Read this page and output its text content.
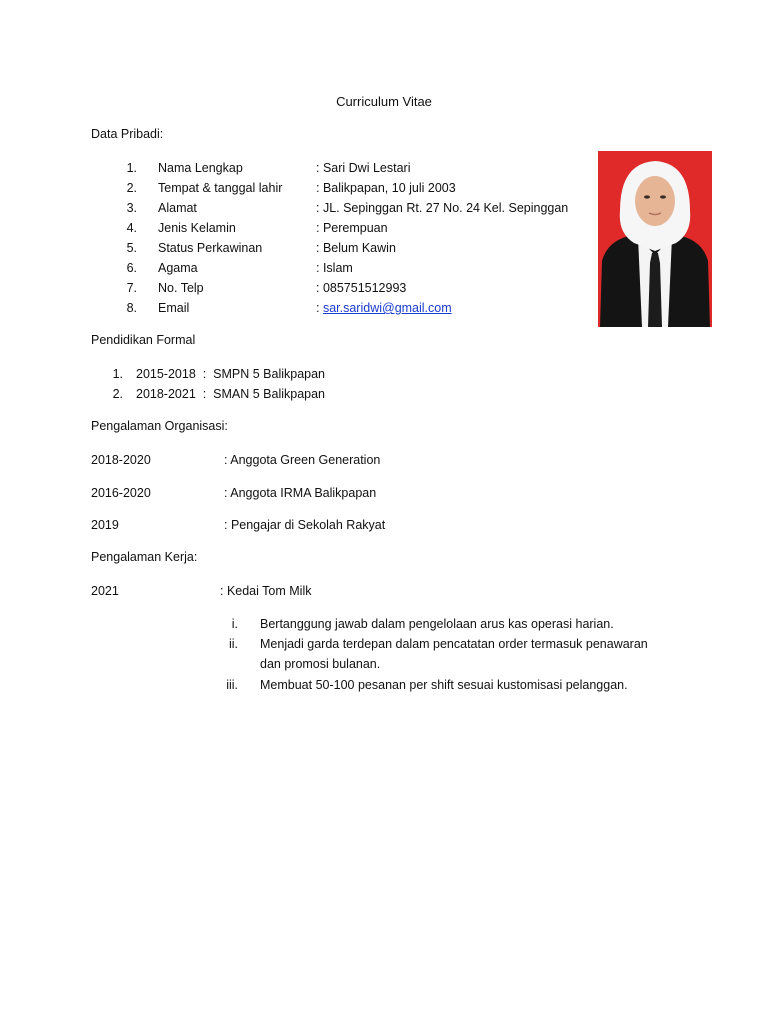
Curriculum Vitae
Data Pribadi:
1. Nama Lengkap	: Sari Dwi Lestari
2. Tempat & tanggal lahir	: Balikpapan, 10 juli 2003
3. Alamat	: JL. Sepinggan Rt. 27 No. 24 Kel. Sepinggan
4. Jenis Kelamin	: Perempuan
5. Status Perkawinan	: Belum Kawin
6. Agama	: Islam
7. No. Telp	: 085751512993
8. Email	: sar.saridwi@gmail.com
Pendidikan Formal
1. 2015-2018  :  SMPN 5 Balikpapan
2. 2018-2021  :  SMAN 5 Balikpapan
Pengalaman Organisasi:
2018-2020	: Anggota Green Generation
2016-2020	: Anggota IRMA Balikpapan
2019	: Pengajar di Sekolah Rakyat
Pengalaman Kerja:
2021	: Kedai Tom Milk
i. Bertanggung jawab dalam pengelolaan arus kas operasi harian.
ii. Menjadi garda terdepan dalam pencatatan order termasuk penawaran
dan promosi bulanan.
iii. Membuat 50-100 pesanan per shift sesuai kustomisasi pelanggan.
